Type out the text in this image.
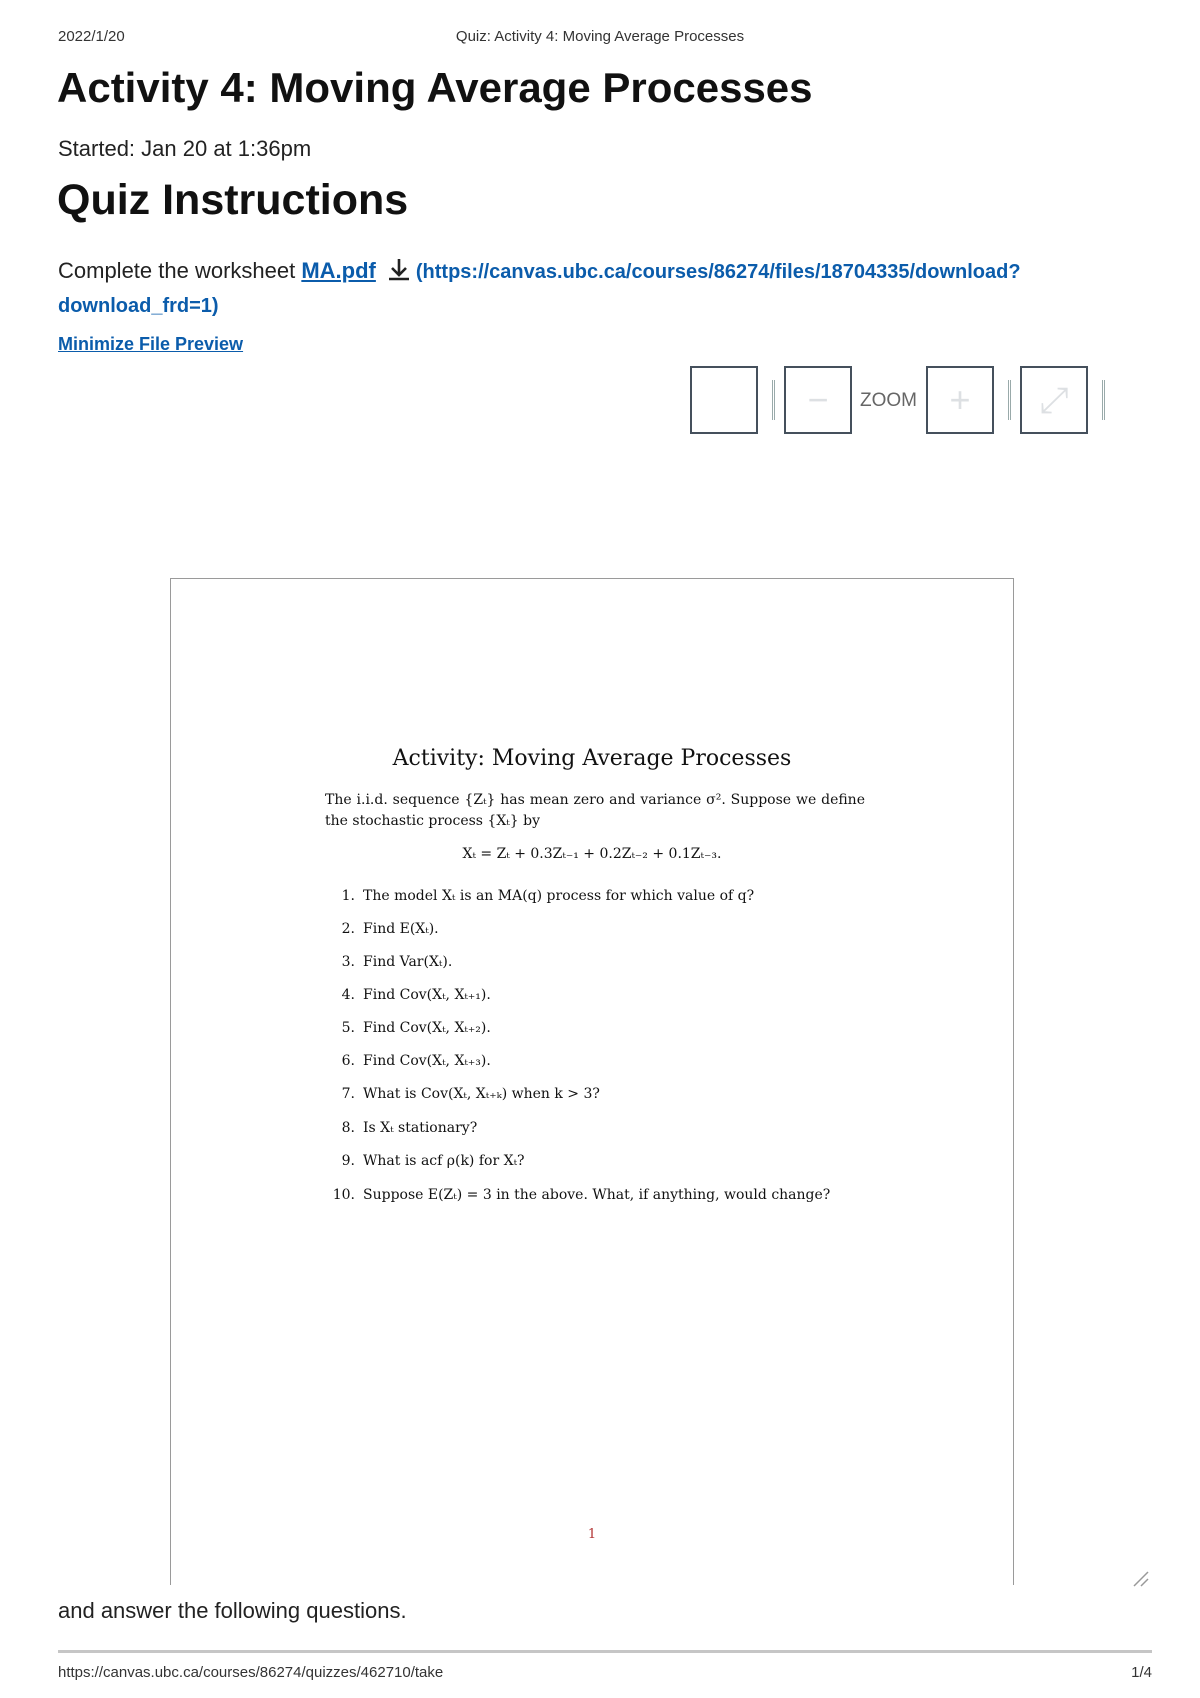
2022/1/20	Quiz: Activity 4: Moving Average Processes
Activity 4: Moving Average Processes
Started: Jan 20 at 1:36pm
Quiz Instructions
Complete the worksheet MA.pdf (https://canvas.ubc.ca/courses/86274/files/18704335/download?
download_frd=1)
Minimize File Preview
−	ZOOM +	⤢
Activity: Moving Average Processes
The i.i.d. sequence {Zₜ} has mean zero and variance σ². Suppose we define the stochastic process {Xₜ} by
Xₜ = Zₜ + 0.3Zₜ₋₁ + 0.2Zₜ₋₂ + 0.1Zₜ₋₃.
1. The model Xₜ is an MA(q) process for which value of q?
2. Find E(Xₜ).
3. Find Var(Xₜ).
4. Find Cov(Xₜ, Xₜ₊₁).
5. Find Cov(Xₜ, Xₜ₊₂).
6. Find Cov(Xₜ, Xₜ₊₃).
7. What is Cov(Xₜ, Xₜ₊ₖ) when k > 3?
8. Is Xₜ stationary?
9. What is acf ρ(k) for Xₜ?
10. Suppose E(Zₜ) = 3 in the above. What, if anything, would change?
1
and answer the following questions.
https://canvas.ubc.ca/courses/86274/quizzes/462710/take	1/4
